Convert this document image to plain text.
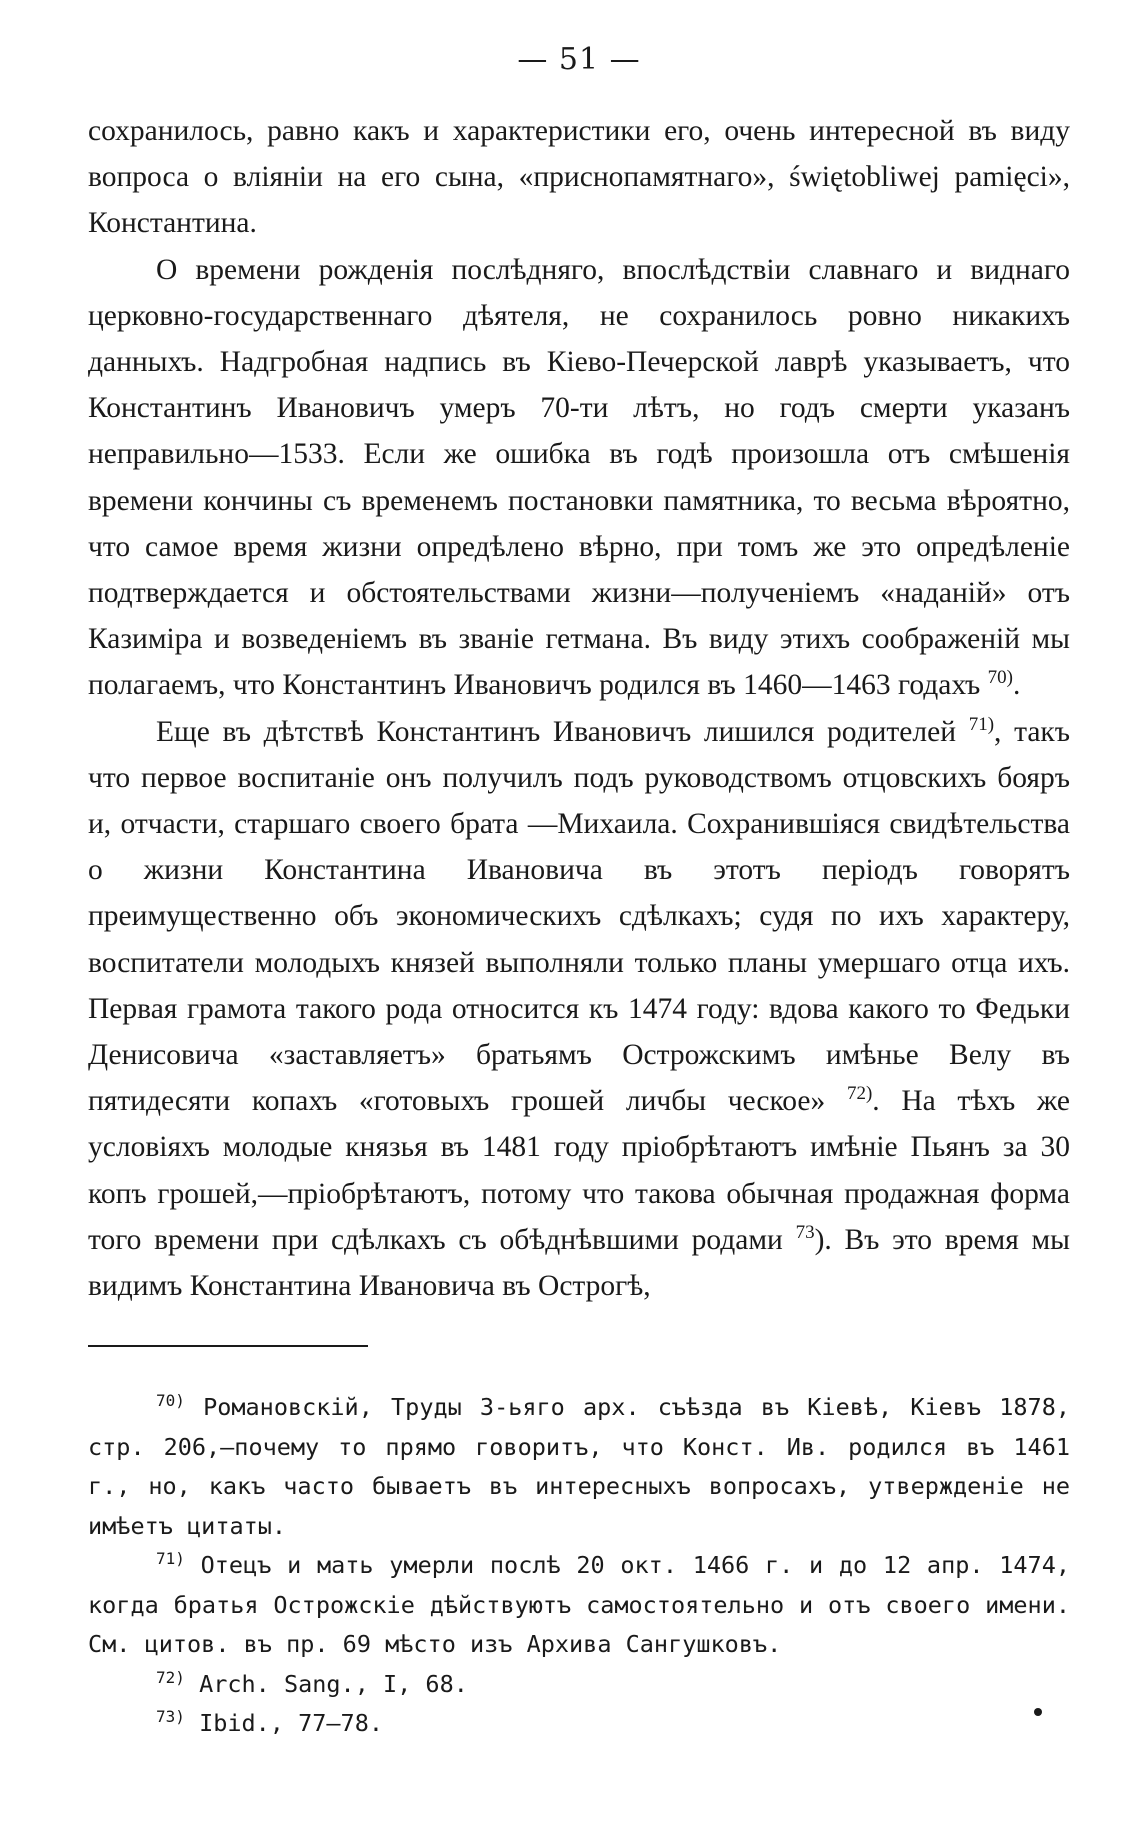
— 51 —

сохранилось, равно какъ и характеристики его, очень интересной въ виду вопроса о вліяніи на его сына, «приснопамятнаго», świętobliwej pamięci», Константина.

О времени рожденія послѣдняго, впослѣдствіи славнаго и виднаго церковно-государственнаго дѣятеля, не сохранилось ровно никакихъ данныхъ. Надгробная надпись въ Кіево-Печерской лаврѣ указываетъ, что Константинъ Ивановичъ умеръ 70-ти лѣтъ, но годъ смерти указанъ неправильно—1533. Если же ошибка въ годѣ произошла отъ смѣшенія времени кончины съ временемъ постановки памятника, то весьма вѣроятно, что самое время жизни опредѣлено вѣрно, при томъ же это опредѣленіе подтверждается и обстоятельствами жизни—полученіемъ «наданій» отъ Казиміра и возведеніемъ въ званіе гетмана. Въ виду этихъ соображеній мы полагаемъ, что Константинъ Ивановичъ родился въ 1460—1463 годахъ $^{70)}$.

Еще въ дѣтствѣ Константинъ Ивановичъ лишился родителей $^{71)}$, такъ что первое воспитаніе онъ получилъ подъ руководствомъ отцовскихъ бояръ и, отчасти, старшаго своего брата —Михаила. Сохранившіяся свидѣтельства о жизни Константина Ивановича въ этотъ періодъ говорятъ преимущественно объ экономическихъ сдѣлкахъ; судя по ихъ характеру, воспитатели молодыхъ князей выполняли только планы умершаго отца ихъ. Первая грамота такого рода относится къ 1474 году: вдова какого то Федьки Денисовича «заставляетъ» братьямъ Острожскимъ имѣнье Велу въ пятидесяти копахъ «готовыхъ грошей личбы ческое» $^{72)}$. На тѣхъ же условіяхъ молодые князья въ 1481 году пріобрѣтаютъ имѣніе Пьянъ за 30 копъ грошей,—пріобрѣтаютъ, потому что такова обычная продажная форма того времени при сдѣлкахъ съ обѣднѣвшими родами $^{73}$). Въ это время мы видимъ Константина Ивановича въ Острогѣ,

$^{70)}$ Романовскій, Труды 3-ьяго арх. съѣзда въ Кіевѣ, Кіевъ 1878, стр. 206,—почему то прямо говоритъ, что Конст. Ив. родился въ 1461 г., но, какъ часто бываетъ въ интересныхъ вопросахъ, утвержденіе не имѣетъ цитаты.

$^{71)}$ Отецъ и мать умерли послѣ 20 окт. 1466 г. и до 12 апр. 1474, когда братья Острожскіе дѣйствуютъ самостоятельно и отъ своего имени. См. цитов. въ пр. 69 мѣсто изъ Архива Сангушковъ.

$^{72)}$ Arch. Sang., I, 68.

$^{73)}$ Ibid., 77—78.
